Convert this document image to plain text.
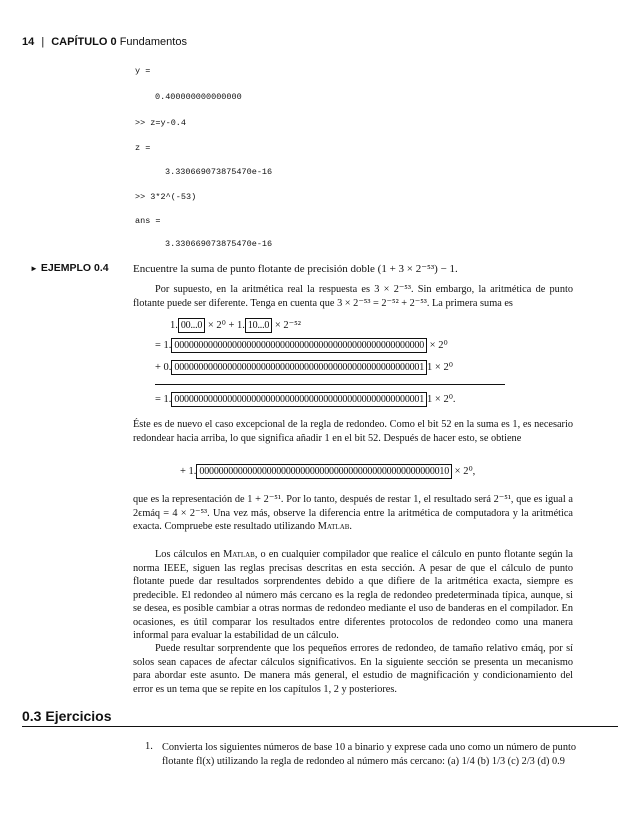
14 | CAPÍTULO 0 Fundamentos
y =
0.400000000000000
>> z=y-0.4
z =
3.330669073875470e-16
>> 3*2^(-53)
ans =
3.330669073875470e-16
► EJEMPLO 0.4 Encuentre la suma de punto flotante de precisión doble (1 + 3 × 2⁻⁵³) − 1.
Por supuesto, en la aritmética real la respuesta es 3 × 2⁻⁵³. Sin embargo, la aritmética de punto flotante puede ser diferente. Tenga en cuenta que 3 × 2⁻⁵³ = 2⁻⁵² + 2⁻⁵³. La primera suma es
1. 00...0 × 2⁰ + 1. 10...0 × 2⁻⁵²
= 1. 0000000000000000000000000000000000000000000000000000 × 2⁰
+ 0. 0000000000000000000000000000000000000000000000000001 1 × 2⁰
= 1. 0000000000000000000000000000000000000000000000000001 1 × 2⁰.
Éste es de nuevo el caso excepcional de la regla de redondeo. Como el bit 52 en la suma es 1, es necesario redondear hacia arriba, lo que significa añadir 1 en el bit 52. Después de hacer esto, se obtiene
+ 1. 0000000000000000000000000000000000000000000000000010 × 2⁰,
que es la representación de 1 + 2⁻⁵¹. Por lo tanto, después de restar 1, el resultado será 2⁻⁵¹, que es igual a 2ϵmáq = 4 × 2⁻⁵³. Una vez más, observe la diferencia entre la aritmética de computadora y la aritmética exacta. Compruebe este resultado utilizando Matlab.
Los cálculos en Matlab, o en cualquier compilador que realice el cálculo en punto flotante según la norma IEEE, siguen las reglas precisas descritas en esta sección. A pesar de que el cálculo de punto flotante puede dar resultados sorprendentes debido a que difiere de la aritmética exacta, siempre es predecible. El redondeo al número más cercano es la regla de redondeo predeterminada típica, aunque, si se desea, es posible cambiar a otras normas de redondeo mediante el uso de banderas en el compilador. En ocasiones, es útil comparar los resultados entre diferentes protocolos de redondeo como una manera informal para evaluar la estabilidad de un cálculo.
Puede resultar sorprendente que los pequeños errores de redondeo, de tamaño relativo ϵmáq, por sí solos sean capaces de afectar cálculos significativos. En la siguiente sección se presenta un mecanismo para abordar este asunto. De manera más general, el estudio de magnificación y condicionamiento del error es un tema que se repite en los capítulos 1, 2 y posteriores.
0.3 Ejercicios
1. Convierta los siguientes números de base 10 a binario y exprese cada uno como un número de punto flotante fl(x) utilizando la regla de redondeo al número más cercano: (a) 1/4 (b) 1/3 (c) 2/3 (d) 0.9
